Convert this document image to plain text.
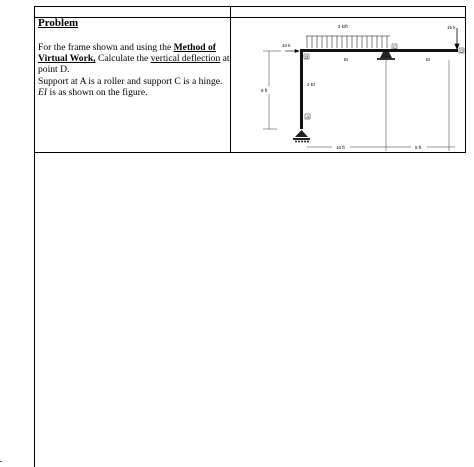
Problem

For the frame shown and using the Method of Virtual Work, Calculate the vertical deflection at point D.

Support at A is a roller and support C is a hinge.

EI is as shown on the figure.

2 k/ft
10 k
15 k
B
C
D
A
EI	EI
2 EI
6 ft
10 ft	5 ft
